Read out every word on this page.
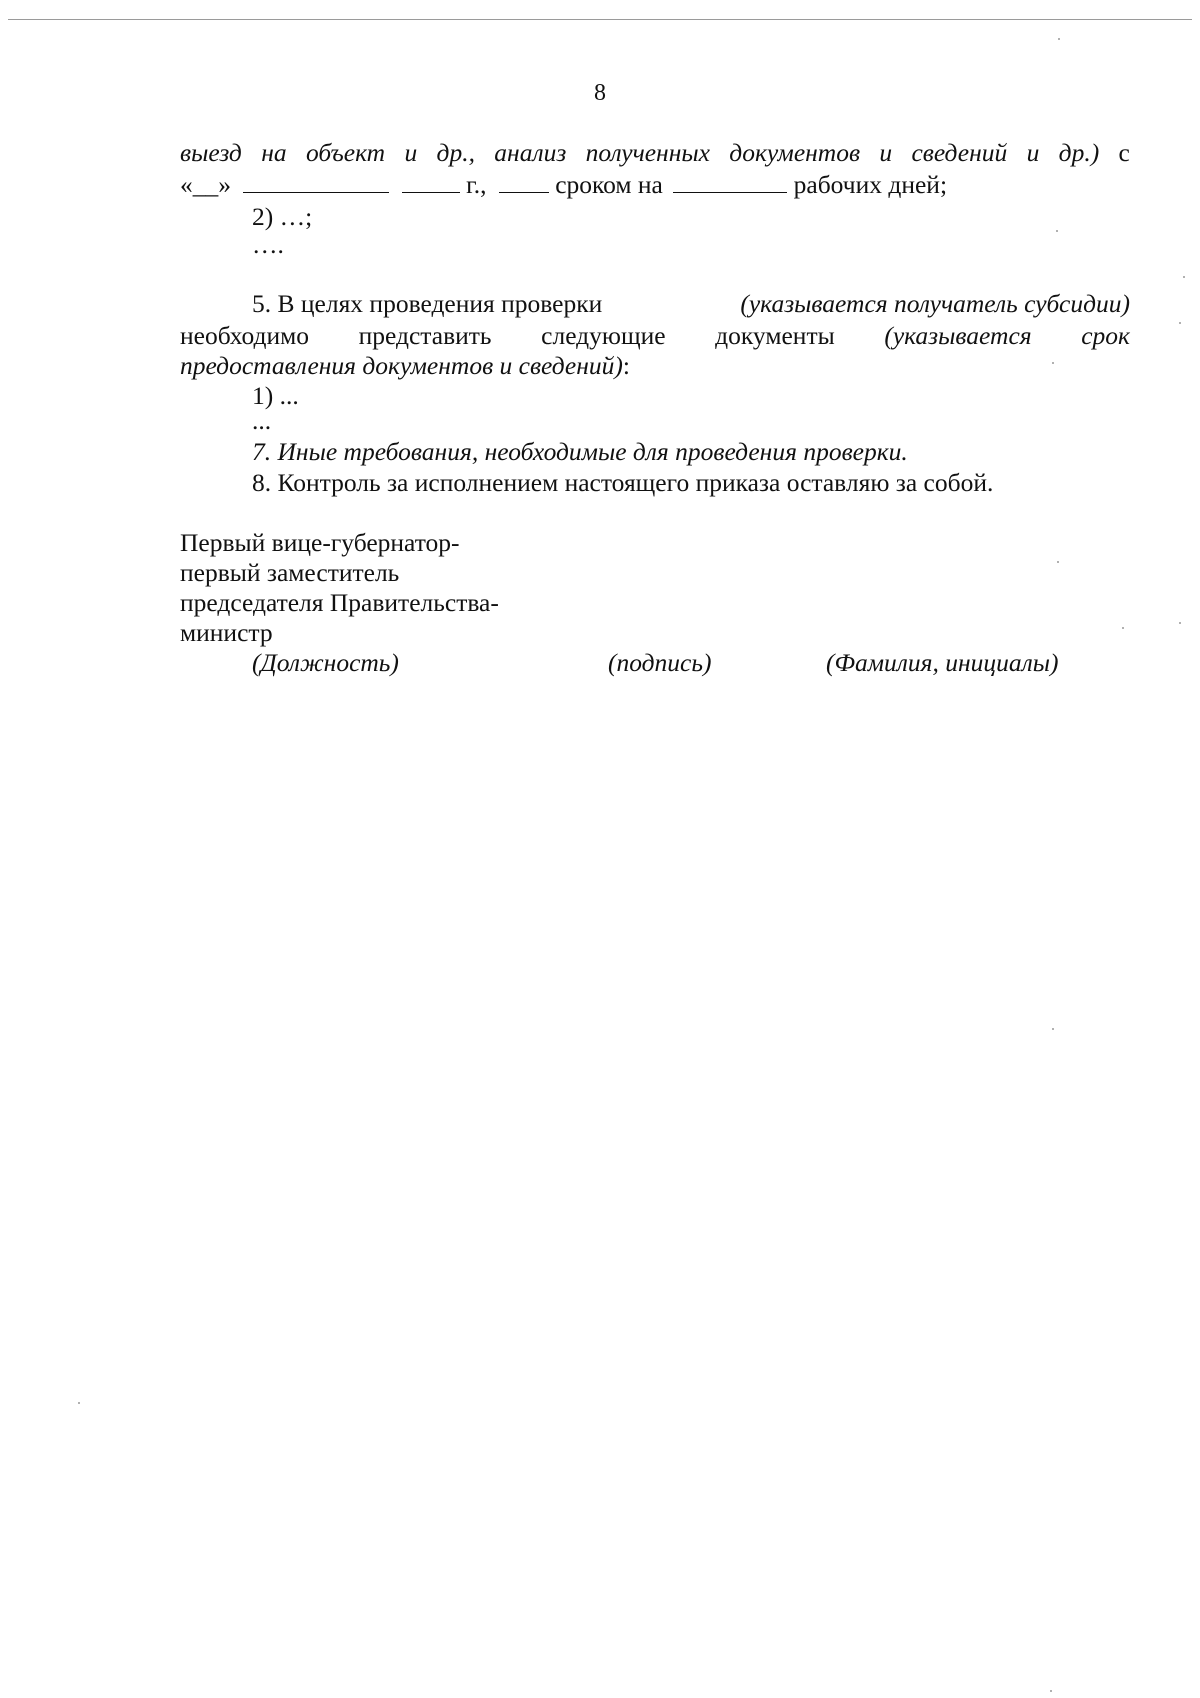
8
выезд на объект и др., анализ полученных документов и сведений и др.) с
«__»	г.,	сроком на	рабочих дней;
2) …;
….
5. В целях проведения проверки	(указывается получатель субсидии)
необходимо представить следующие документы (указывается срок
предоставления документов и сведений):
1) ...
...
7. Иные требования, необходимые для проведения проверки.
8. Контроль за исполнением настоящего приказа оставляю за собой.
Первый вице-губернатор-
первый заместитель
председателя Правительства-
министр
(Должность)	(подпись)	(Фамилия, инициалы)
